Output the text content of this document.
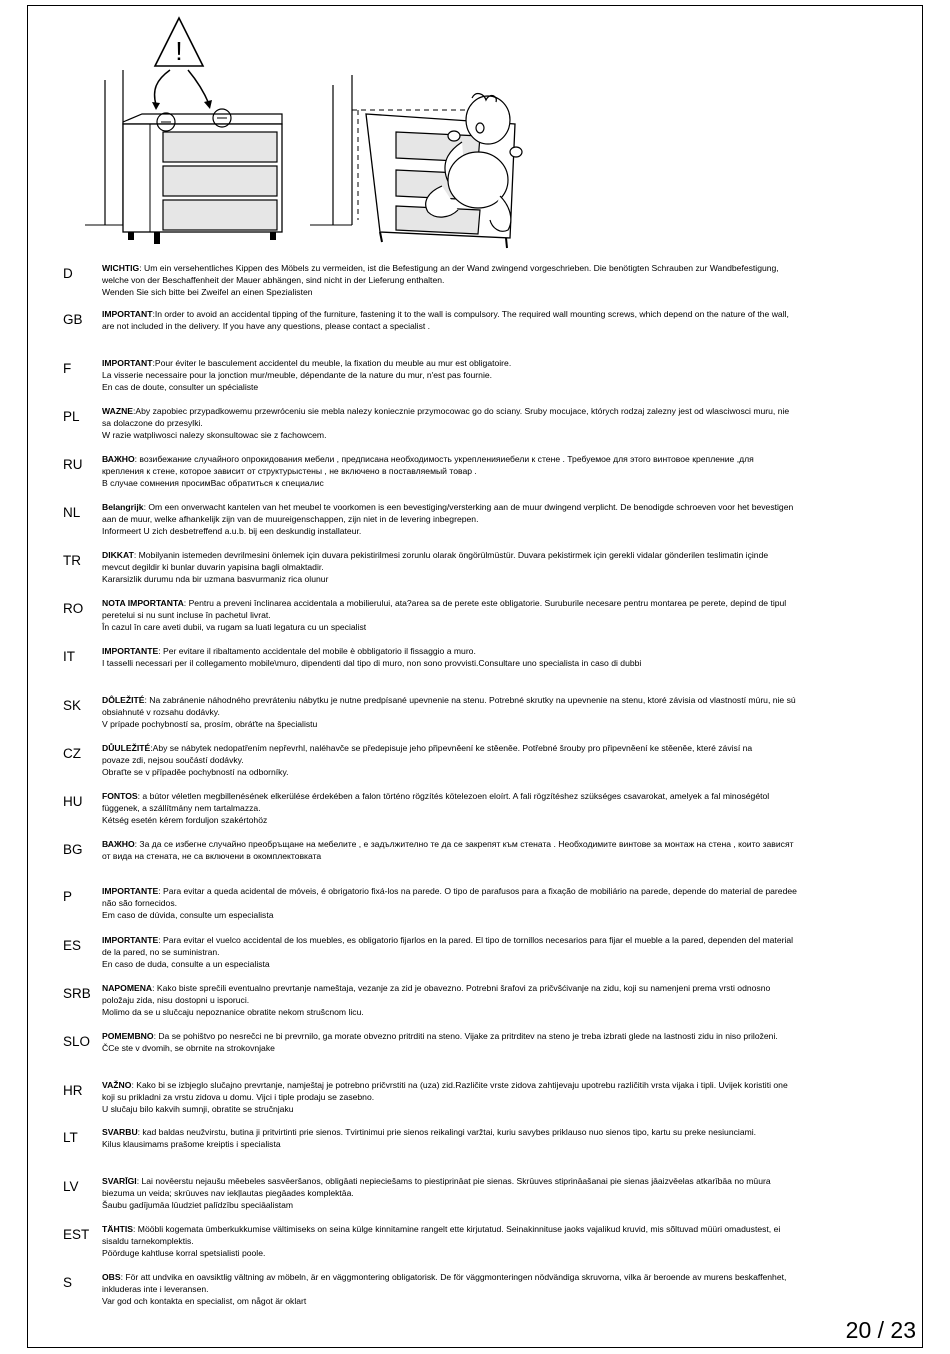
!
D	WICHTIG: Um ein versehentliches Kippen des Möbels zu vermeiden, ist die Befestigung an der Wand zwingend vorgeschrieben. Die benötigten Schrauben zur Wandbefestigung,
welche von der Beschaffenheit der Mauer abhängen, sind nicht in der Lieferung enthalten.
Wenden Sie sich bitte bei Zweifel an einen Spezialisten

GB IMPORTANT:In order to avoid an accidental tipping of the furniture, fastening it to the wall is compulsory. The required wall mounting screws, which depend on the nature of the wall,
are not included in the delivery. If you have any questions, please contact a specialist .

F	IMPORTANT:Pour éviter le basculement accidentel du meuble, la fixation du meuble au mur est obligatoire.
La visserie necessaire pour la jonction mur/meuble, dépendante de la nature du mur, n'est pas fournie.
En cas de doute, consulter un spécialiste

PL	WAZNE:Aby zapobiec przypadkowemu przewróceniu sie mebla nalezy koniecznie przymocowac go do sciany. Sruby mocujace, których rodzaj zalezny jest od wlasciwosci muru, nie
sa dolaczone do przesylki.
W razie watpliwosci nalezy skonsultowac sie z fachowcem.

RU ВАЖНО: возибежание случайного опрокидования мебели , предписана необходимость укрепленияиебели к стене . Требуемое для этого винтовое крепление ,для
крепления к стене, которое зависит от структурыстены , не включено в поставляемый товар .
В случае сомнения просимВас обратиться к специалис

NL	Belangrijk: Om een onverwacht kantelen van het meubel te voorkomen is een bevestiging/versterking aan de muur dwingend verplicht. De benodigde schroeven voor het bevestigen
aan de muur, welke afhankelijk zijn van de muureigenschappen, zijn niet in de levering inbegrepen.
Informeert U zich desbetreffend a.u.b. bij een deskundig installateur.

TR DIKKAT: Mobilyanin istemeden devrilmesini önlemek için duvara pekistirilmesi zorunlu olarak öngörülmüstür. Duvara pekistirmek için gerekli vidalar gönderilen teslimatin içinde
mevcut degildir ki bunlar duvarin yapisina bagli olmaktadir.
Kararsizlik durumu nda bir uzmana basvurmaniz rica olunur

RO NOTA IMPORTANTA: Pentru a preveni înclinarea accidentala a mobilierului, ata?area sa de perete este obligatorie. Suruburile necesare pentru montarea pe perete, depind de tipul
peretelui si nu sunt incluse în pachetul livrat.
În cazul în care aveti dubii, va rugam sa luati legatura cu un specialist

IT	IMPORTANTE: Per evitare il ribaltamento accidentale del mobile è obbligatorio il fissaggio a muro.
I tasselli necessari per il collegamento mobile\muro, dipendenti dal tipo di muro, non sono provvisti.Consultare uno specialista in caso di dubbi

SK DÔLEŽITÉ: Na zabránenie náhodného prevráteniu nábytku je nutne predpísané upevnenie na stenu. Potrebné skrutky na upevnenie na stenu, ktoré závisia od vlastností múru, nie sú
obsiahnuté v rozsahu dodávky.
V prípade pochybností sa, prosím, obráťte na špecialistu

CZ DŮULEŽITÉ:Aby se nábytek nedopatřením nepřevrhl, naléhavče se předepisuje jeho připevněení ke stěeněe. Potřebné šrouby pro připevněení ke stěeněe, které závisí na
povaze zdi, nejsou součástí dodávky.
Obraťte se v případěe pochybností na odborníky.

HU FONTOS: a bútor véletlen megbillenésének elkerülése érdekében a falon történo rögzítés kötelezoen eloírt. A fali rögzítéshez szükséges csavarokat, amelyek a fal minoségétol
függenek, a szállítmány nem tartalmazza.
Kétség esetén kérem forduljon szakértohöz

BG ВАЖНО: За да се избегне случайно преобръщане на мебелите , е задължително те да се закрепят към стената . Необходимите винтове за монтаж на стена , които зависят
от вида на стената, не са включени в окомплектовката

P	IMPORTANTE: Para evitar a queda acidental de móveis, é obrigatorio fixá-los na parede. O tipo de parafusos para a fixação de mobiliário na parede, depende do material de paredee
não são fornecidos.
Em caso de dúvida, consulte um especialista

ES IMPORTANTE: Para evitar el vuelco accidental de los muebles, es obligatorio fijarlos en la pared. El tipo de tornillos necesarios para fijar el mueble a la pared, dependen del material
de la pared, no se suministran.
En caso de duda, consulte a un especialista

SRB NAPOMENA: Kako biste sprečili eventualno prevrtanje nameštaja, vezanje za zid je obavezno. Potrebni šrafovi za pričvšćivanje na zidu, koji su namenjeni prema vrsti odnosno
položaju zida, nisu dostopni u isporuci.
Molimo da se u slučcaju nepoznanice obratite nekom strušcnom licu.

SLO POMEMBNO: Da se pohištvo po nesrečci ne bi prevrnilo, ga morate obvezno pritrditi na steno. Vijake za pritrditev na steno je treba izbrati glede na lastnosti zidu in niso priloženi.
ČCe ste v dvomih, se obrnite na strokovnjake

HR VAŽNO: Kako bi se izbjeglo slučajno prevrtanje, namještaj je potrebno pričvrstiti na (uza) zid.Različite vrste zidova zahtijevaju upotrebu različitih vrsta vijaka i tipli. Uvijek koristiti one
koji su prikladni za vrstu zidova u domu. Vijci i tiple prodaju se zasebno.
U slučaju bilo kakvih sumnji, obratite se stručnjaku

LT	SVARBU: kad baldas neužvirstu, butina ji pritvirtinti prie sienos. Tvirtinimui prie sienos reikalingi varžtai, kuriu savybes priklauso nuo sienos tipo, kartu su preke nesiunciami.
Kilus klausimams prašome kreiptis i specialista

LV	SVARĪGI: Lai novēerstu nejaušu mēebeles sasvēeršanos, obligāati nepieciešams to piestiprināat pie sienas. Skrūuves stiprināašanai pie sienas jāaizvēelas atkarībāa no mūura
biezuma un veida; skrūuves nav iekļlautas piegāades komplektāa.
Šaubu gadījumāa lūudziet palīdzību speciāalistam

EST TÄHTIS: Mööbli kogemata ümberkukkumise vältimiseks on seina külge kinnitamine rangelt ette kirjutatud. Seinakinnituse jaoks vajalikud kruvid, mis sõltuvad müüri omadustest, ei
sisaldu tarnekomplektis.
Pöörduge kahtluse korral spetsialisti poole.

S	OBS: För att undvika en oavsiktlig vältning av möbeln, är en väggmontering obligatorisk. De för väggmonteringen nödvändiga skruvorna, vilka är beroende av murens beskaffenhet,
inkluderas inte i leveransen.
Var god och kontakta en specialist, om något är oklart

20 / 23
